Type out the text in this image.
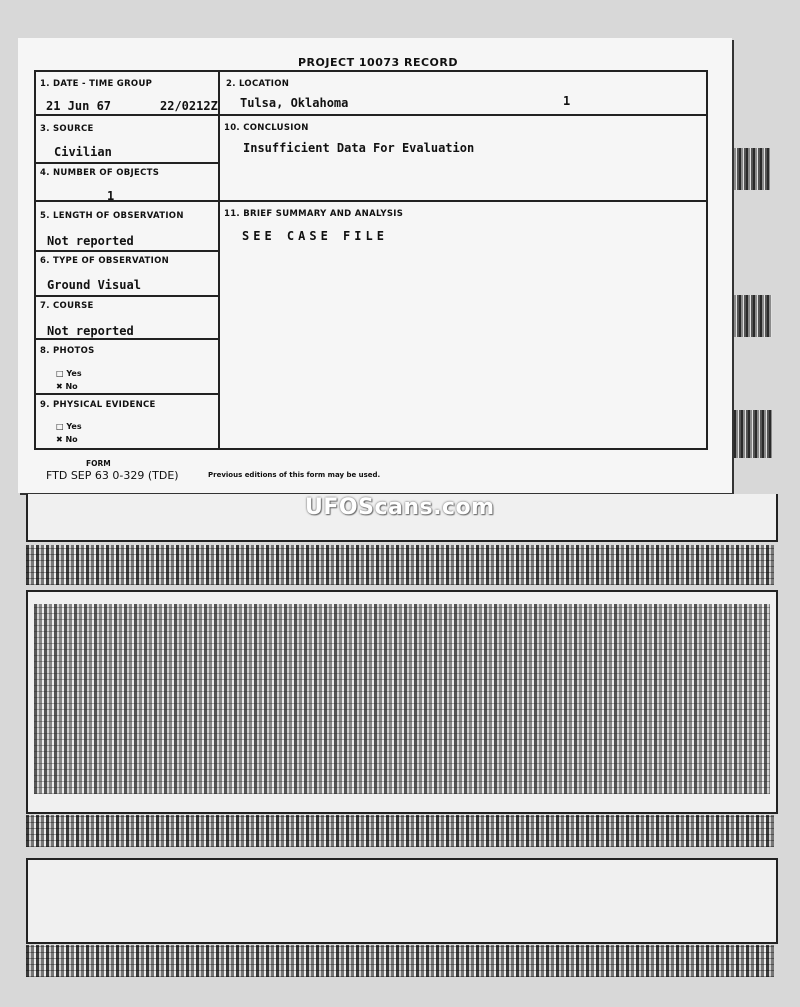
PROJECT 10073 RECORD
1. DATE - TIME GROUP
21 Jun 67	22/0212Z
2. LOCATION
Tulsa, Oklahoma	1
3. SOURCE
Civilian
10. CONCLUSION
Insufficient Data For Evaluation
4. NUMBER OF OBJECTS
1
5. LENGTH OF OBSERVATION
Not reported
11. BRIEF SUMMARY AND ANALYSIS
SEE CASE FILE
6. TYPE OF OBSERVATION
Ground Visual
7. COURSE
Not reported
8. PHOTOS
□ Yes
✖ No
9. PHYSICAL EVIDENCE
□ Yes
✖ No
FORM
FTD SEP 63 0-329 (TDE)	Previous editions of this form may be used.
UFOScans.com
